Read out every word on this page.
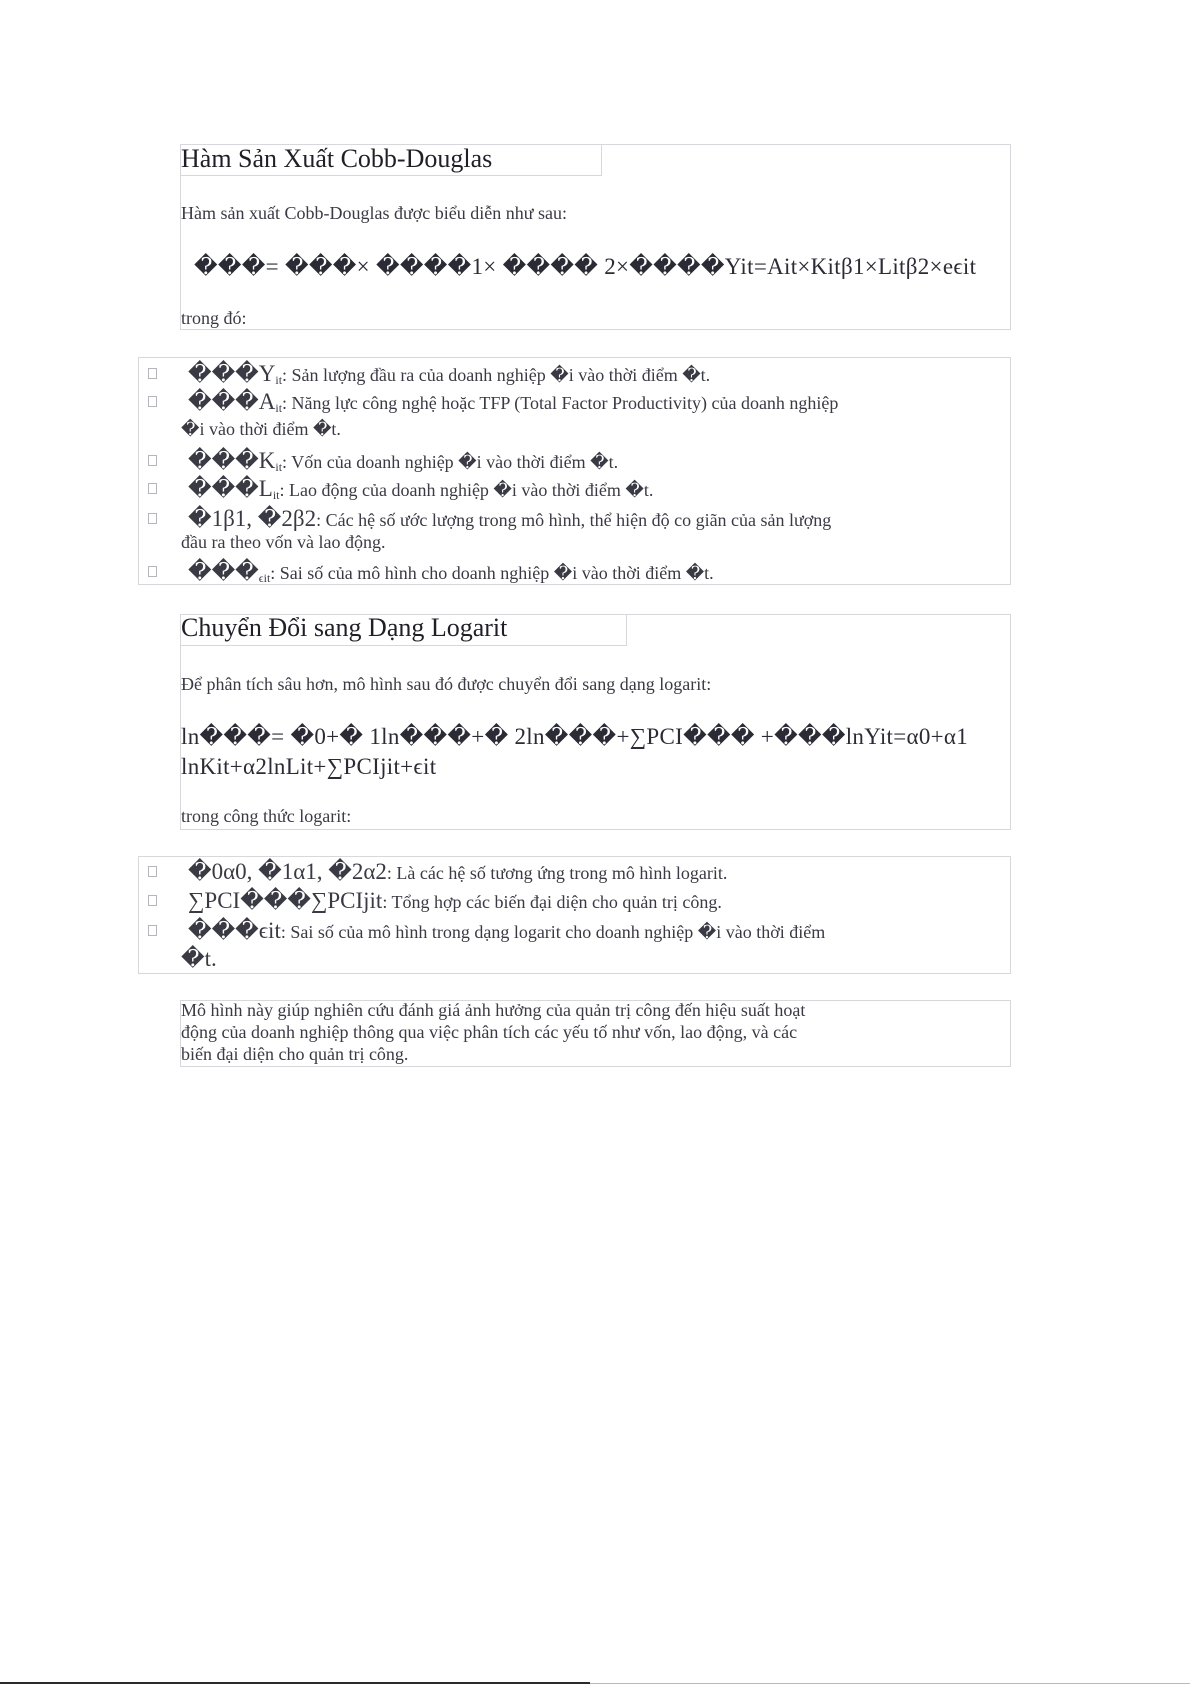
Hàm Sản Xuất Cobb-Douglas
Hàm sản xuất Cobb-Douglas được biểu diễn như sau:
���= ���× ����1× ���� 2×����Yit=Ait×Kitβ1×Litβ2×eϵit
trong đó:
$���Y_{it}$: Sản lượng đầu ra của doanh nghiệp �i vào thời điểm �t.
$���A_{it}$: Năng lực công nghệ hoặc TFP (Total Factor Productivity) của doanh nghiệp
�i vào thời điểm �t.
$���K_{it}$: Vốn của doanh nghiệp �i vào thời điểm �t.
$���L_{it}$: Lao động của doanh nghiệp �i vào thời điểm �t.
�1β1, �2β2: Các hệ số ước lượng trong mô hình, thể hiện độ co giãn của sản lượng
đầu ra theo vốn và lao động.
$���_{\epsilon it}$: Sai số của mô hình cho doanh nghiệp �i vào thời điểm �t.
Chuyển Đổi sang Dạng Logarit
Để phân tích sâu hơn, mô hình sau đó được chuyển đổi sang dạng logarit:
ln���= �0+� 1ln���+� 2ln���+∑PCI��� +���lnYit=α0+α1
lnKit+α2lnLit+∑PCIjit+ϵit
trong công thức logarit:
�0α0, �1α1, �2α2: Là các hệ số tương ứng trong mô hình logarit.
∑PCI���∑PCIjit: Tổng hợp các biến đại diện cho quản trị công.
���ϵit: Sai số của mô hình trong dạng logarit cho doanh nghiệp �i vào thời điểm
�t.
Mô hình này giúp nghiên cứu đánh giá ảnh hưởng của quản trị công đến hiệu suất hoạt
động của doanh nghiệp thông qua việc phân tích các yếu tố như vốn, lao động, và các
biến đại diện cho quản trị công.
